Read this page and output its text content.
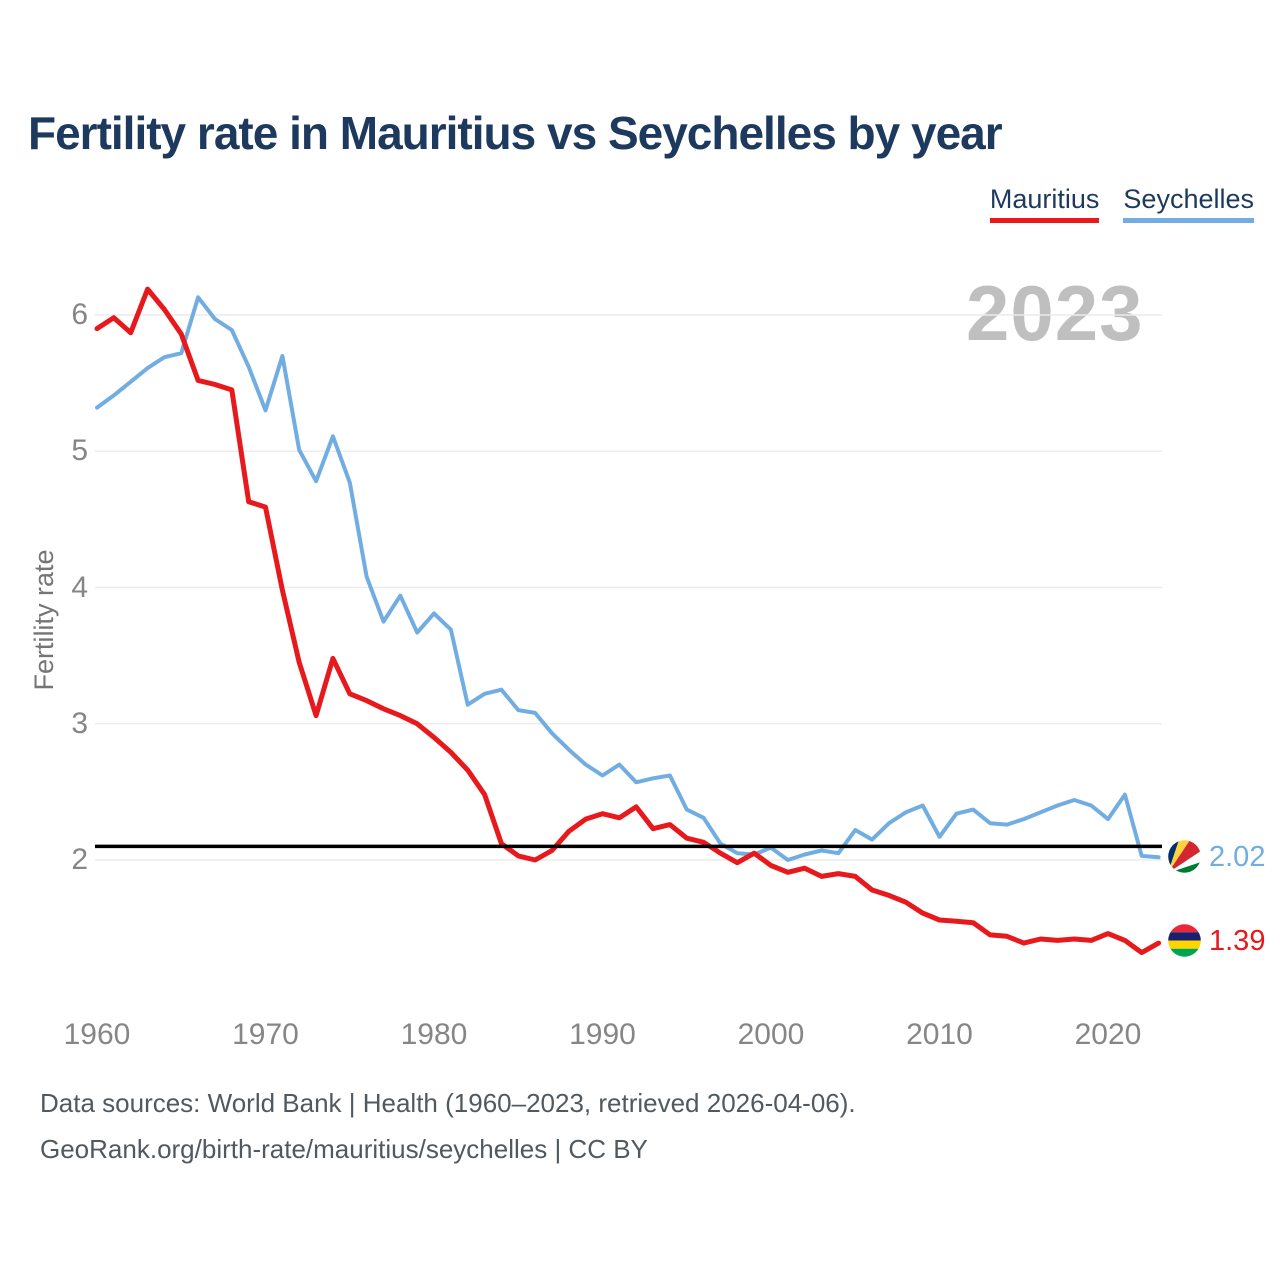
2023
Fertility rate in Mauritius vs Seychelles by year
Mauritius Seychelles
Fertility rate
2
3
4
5
6
1960	1970	1980	1990	2000	2010	2020
2.02
1.39
Data sources: World Bank | Health (1960–2023, retrieved 2026-04-06).
GeoRank.org/birth-rate/mauritius/seychelles | CC BY
